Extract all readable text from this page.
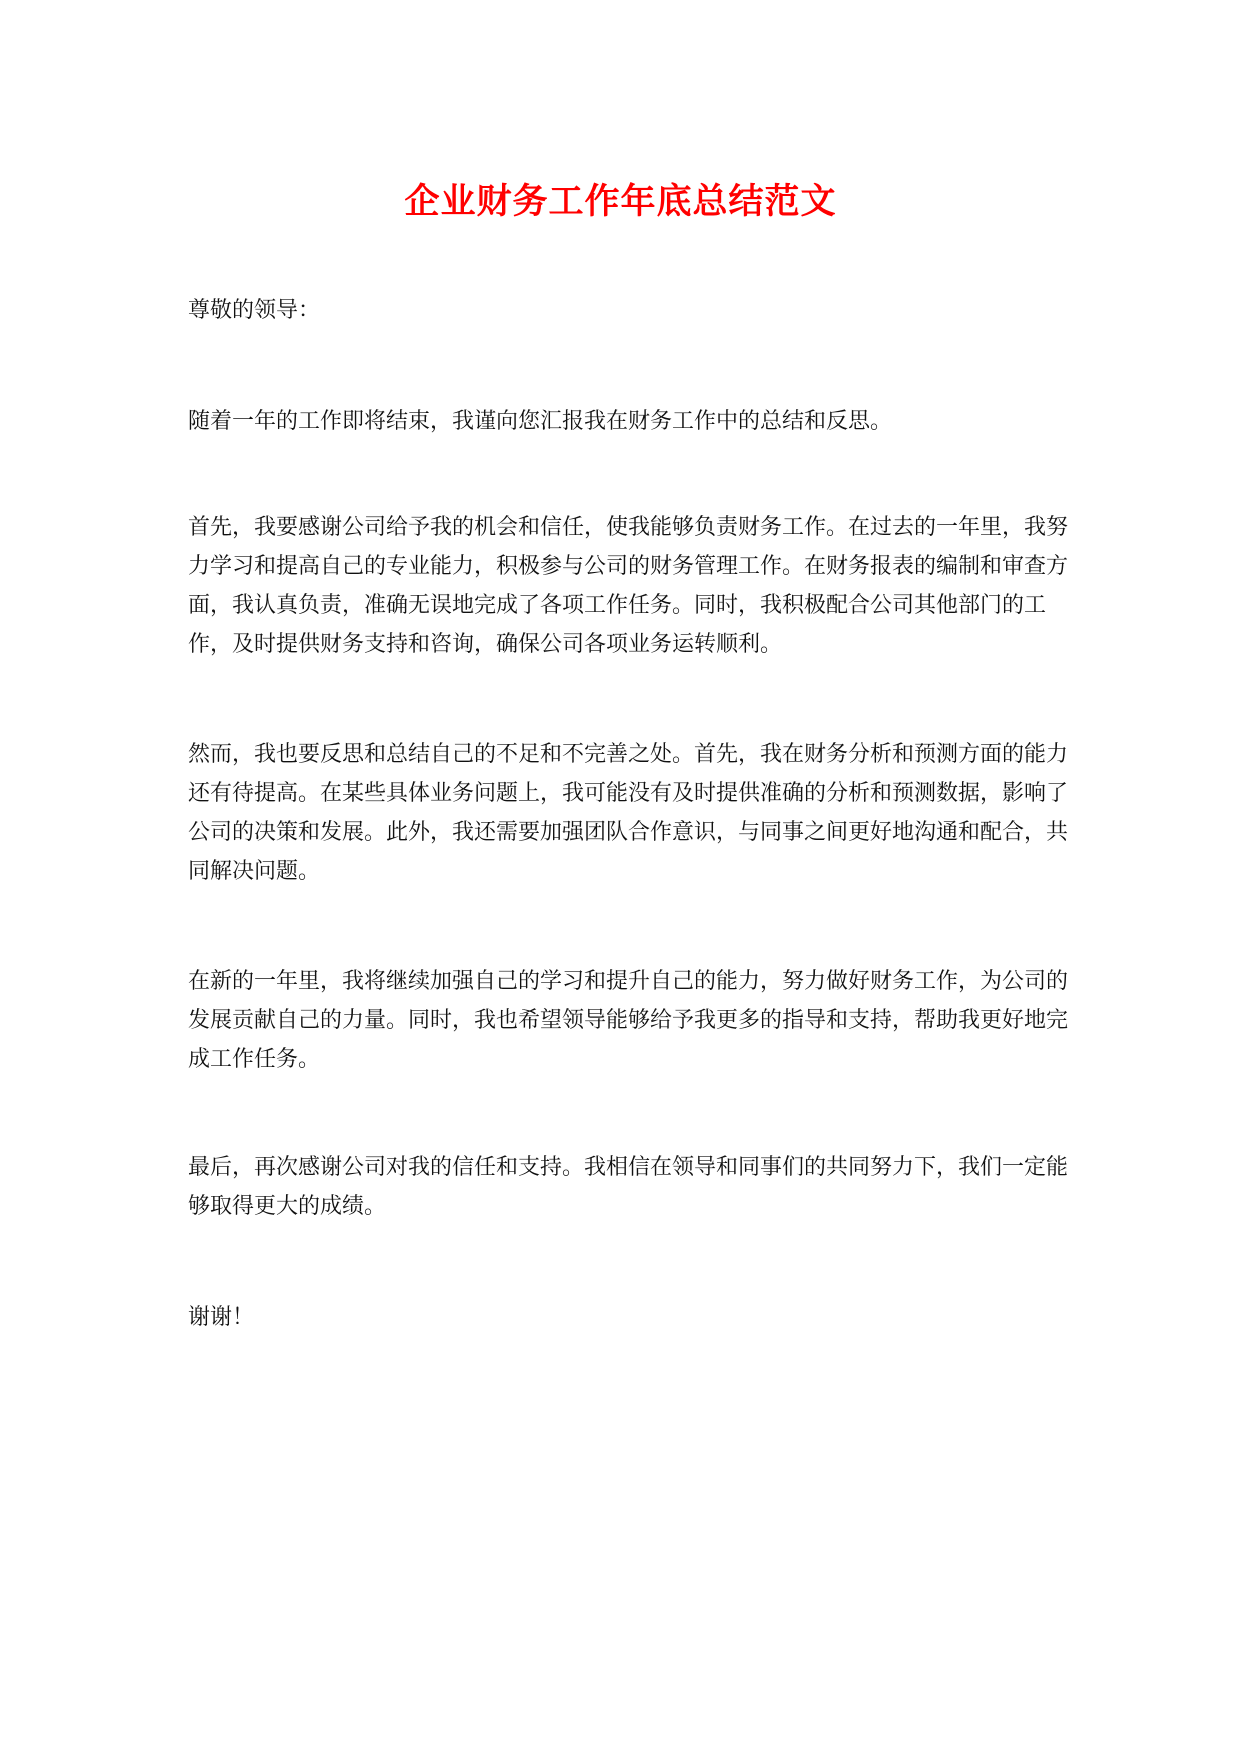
企业财务工作年底总结范文

尊敬的领导：

随着一年的工作即将结束，我谨向您汇报我在财务工作中的总结和反思。

首先，我要感谢公司给予我的机会和信任，使我能够负责财务工作。在过去的一年里，我努力学习和提高自己的专业能力，积极参与公司的财务管理工作。在财务报表的编制和审查方面，我认真负责，准确无误地完成了各项工作任务。同时，我积极配合公司其他部门的工作，及时提供财务支持和咨询，确保公司各项业务运转顺利。

然而，我也要反思和总结自己的不足和不完善之处。首先，我在财务分析和预测方面的能力还有待提高。在某些具体业务问题上，我可能没有及时提供准确的分析和预测数据，影响了公司的决策和发展。此外，我还需要加强团队合作意识，与同事之间更好地沟通和配合，共同解决问题。

在新的一年里，我将继续加强自己的学习和提升自己的能力，努力做好财务工作，为公司的发展贡献自己的力量。同时，我也希望领导能够给予我更多的指导和支持，帮助我更好地完成工作任务。

最后，再次感谢公司对我的信任和支持。我相信在领导和同事们的共同努力下，我们一定能够取得更大的成绩。

谢谢！
